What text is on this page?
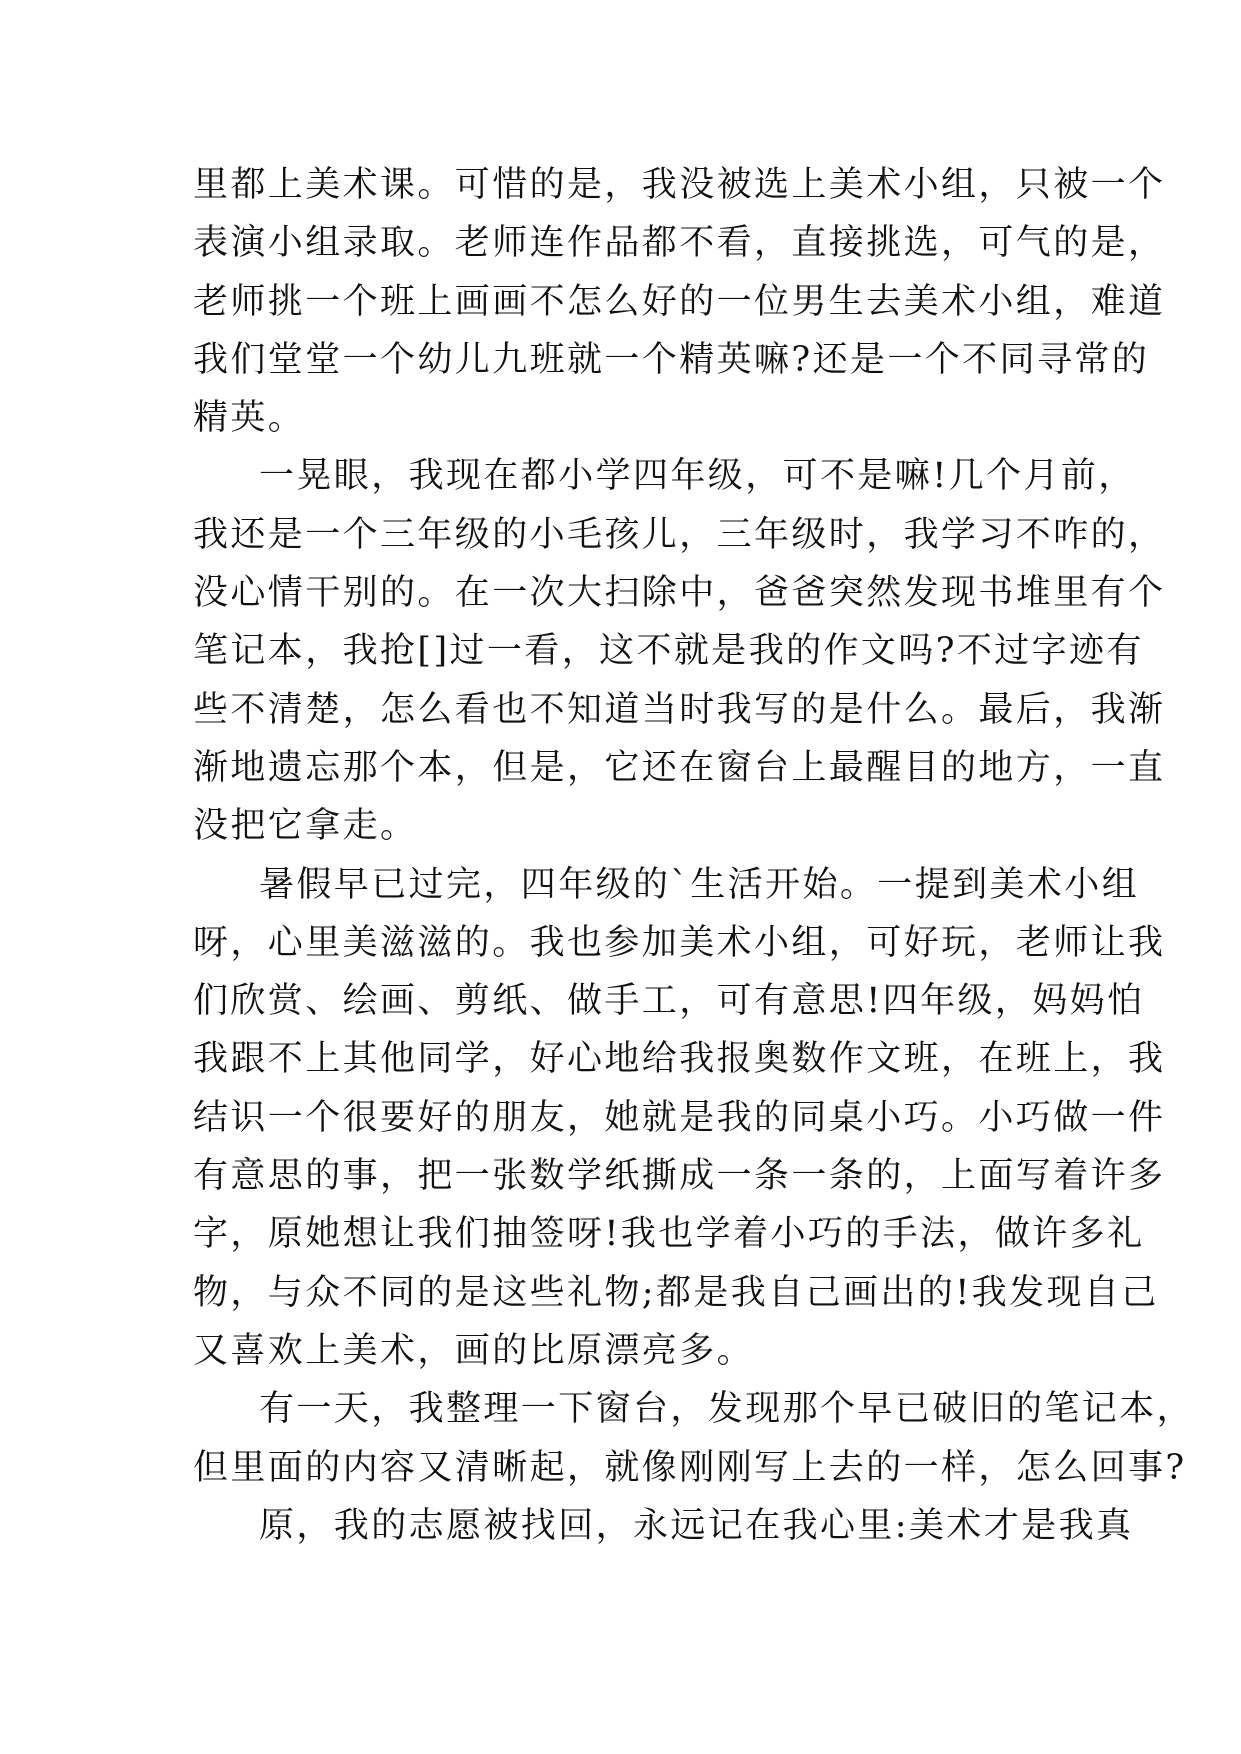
里都上美术课。可惜的是，我没被选上美术小组，只被一个
表演小组录取。老师连作品都不看，直接挑选，可气的是，
老师挑一个班上画画不怎么好的一位男生去美术小组，难道
我们堂堂一个幼儿九班就一个精英嘛?还是一个不同寻常的
精英。
一晃眼，我现在都小学四年级，可不是嘛!几个月前，
我还是一个三年级的小毛孩儿，三年级时，我学习不咋的，
没心情干别的。在一次大扫除中，爸爸突然发现书堆里有个
笔记本，我抢[]过一看，这不就是我的作文吗?不过字迹有
些不清楚，怎么看也不知道当时我写的是什么。最后，我渐
渐地遗忘那个本，但是，它还在窗台上最醒目的地方，一直
没把它拿走。
暑假早已过完，四年级的`生活开始。一提到美术小组
呀，心里美滋滋的。我也参加美术小组，可好玩，老师让我
们欣赏、绘画、剪纸、做手工，可有意思!四年级，妈妈怕
我跟不上其他同学，好心地给我报奥数作文班，在班上，我
结识一个很要好的朋友，她就是我的同桌小巧。小巧做一件
有意思的事，把一张数学纸撕成一条一条的，上面写着许多
字，原她想让我们抽签呀!我也学着小巧的手法，做许多礼
物，与众不同的是这些礼物;都是我自己画出的!我发现自己
又喜欢上美术，画的比原漂亮多。
有一天，我整理一下窗台，发现那个早已破旧的笔记本，
但里面的内容又清晰起，就像刚刚写上去的一样，怎么回事?
原，我的志愿被找回，永远记在我心里:美术才是我真
